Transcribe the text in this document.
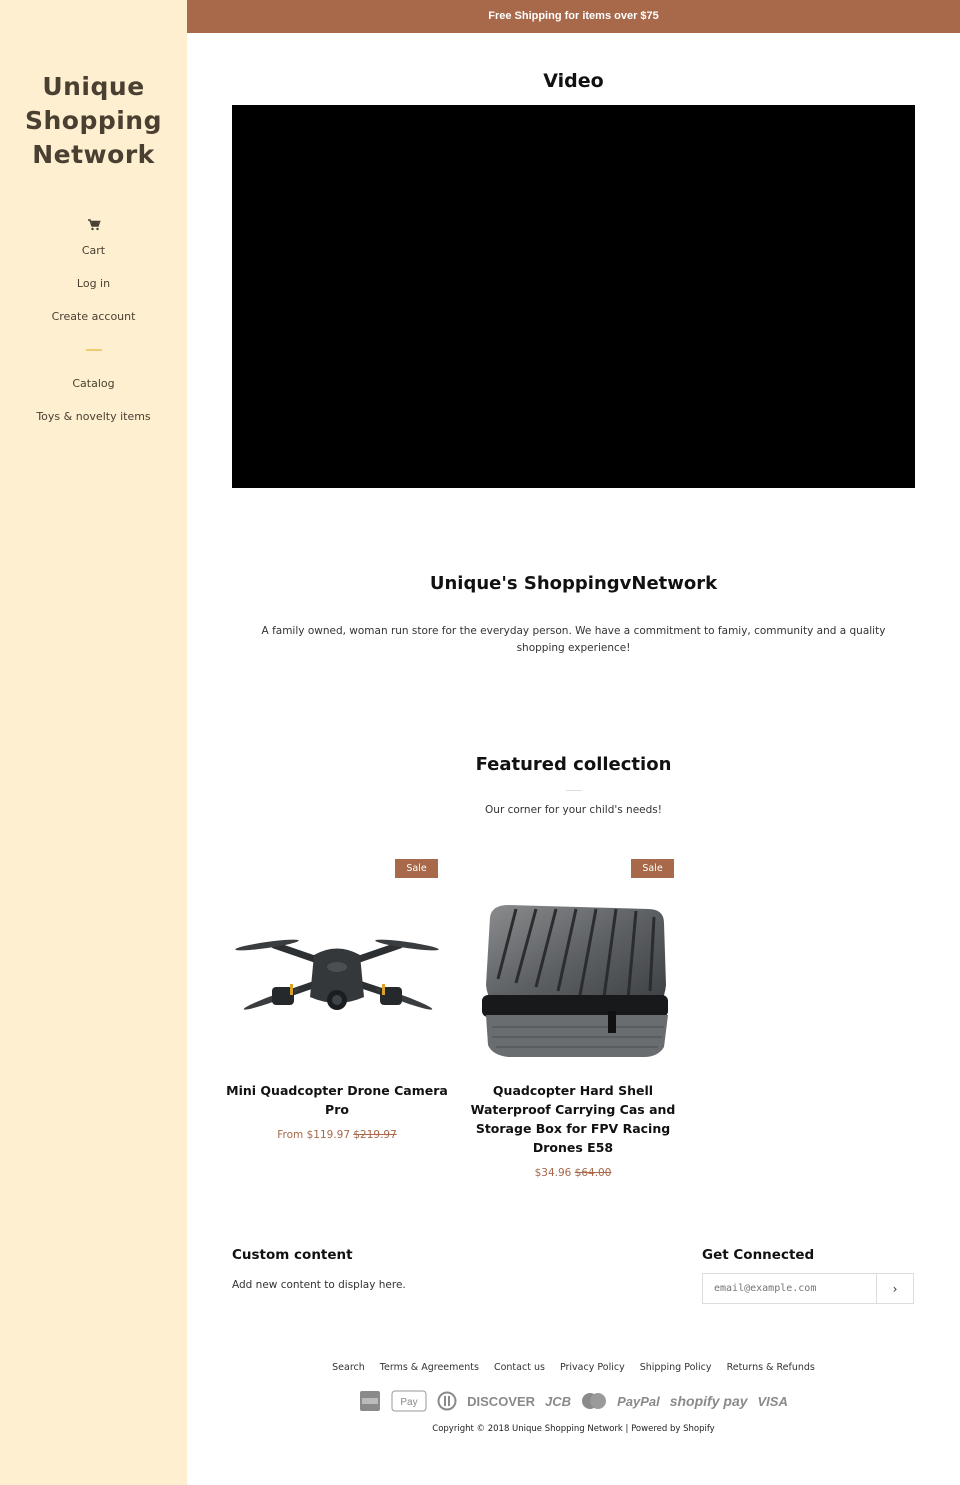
Unique
Shopping
Network
Cart
Log in
Create account
Catalog
Toys & novelty items
Free Shipping for items over $75
Video
Unique's ShoppingvNetwork

A family owned, woman run store for the everyday person. We have a commitment to famiy, community and a quality shopping experience!

Featured collection

Our corner for your child's needs!

Sale
Mini Quadcopter Drone Camera Pro
From $119.97 $219.97
Sale
Quadcopter Hard Shell Waterproof Carrying Cas and Storage Box for FPV Racing Drones E58
$34.96 $64.00
Custom content

Add new content to display here.

Get Connected
email@example.com
›
Search Terms & Agreements Contact us Privacy Policy Shipping Policy Returns & Refunds
Pay	DISCOVER JCB	PayPal shopify pay VISA

Copyright © 2018 Unique Shopping Network | Powered by Shopify
